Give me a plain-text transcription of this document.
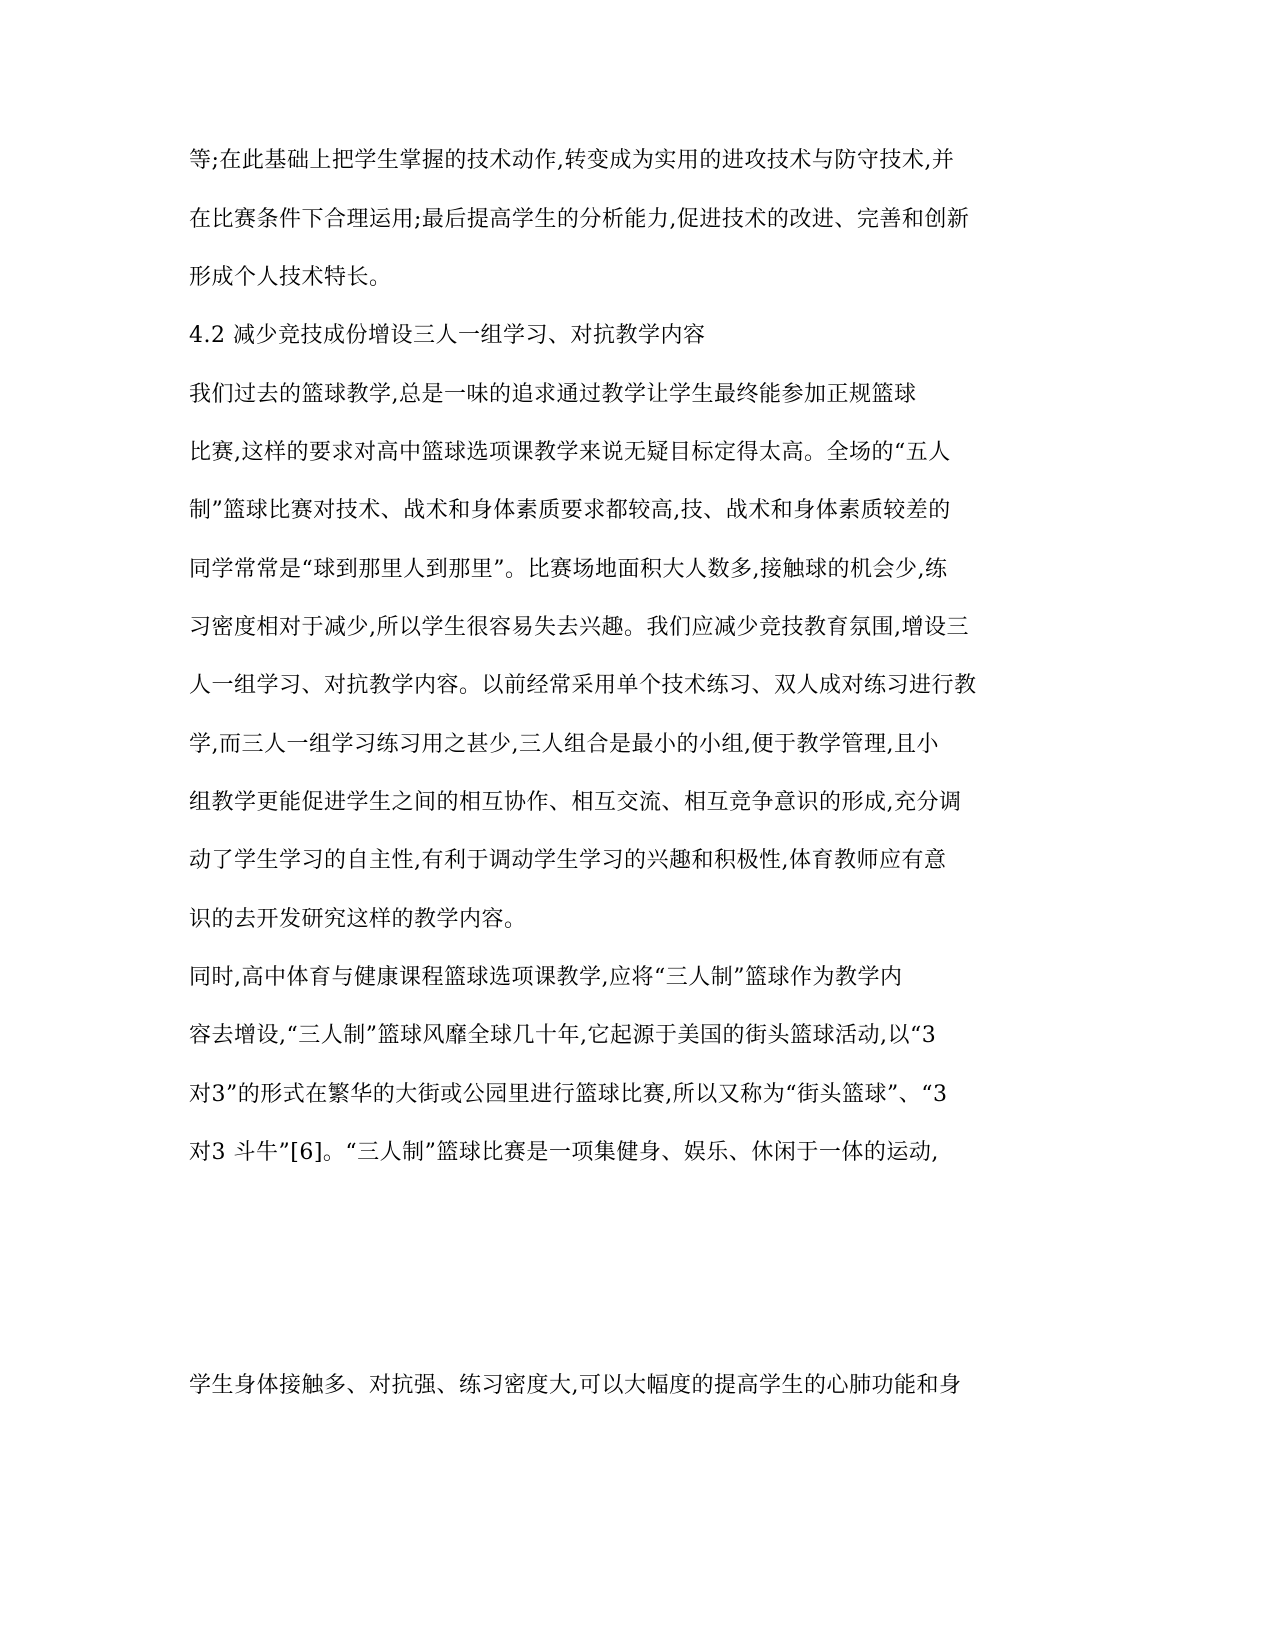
等;在此基础上把学生掌握的技术动作,转变成为实用的进攻技术与防守技术,并
在比赛条件下合理运用;最后提高学生的分析能力,促进技术的改进、完善和创新
形成个人技术特长。
4.2 减少竞技成份增设三人一组学习、对抗教学内容
我们过去的篮球教学,总是一味的追求通过教学让学生最终能参加正规篮球
比赛,这样的要求对高中篮球选项课教学来说无疑目标定得太高。全场的“五人
制”篮球比赛对技术、战术和身体素质要求都较高,技、战术和身体素质较差的
同学常常是“球到那里人到那里”。比赛场地面积大人数多,接触球的机会少,练
习密度相对于减少,所以学生很容易失去兴趣。我们应减少竞技教育氛围,增设三
人一组学习、对抗教学内容。以前经常采用单个技术练习、双人成对练习进行教
学,而三人一组学习练习用之甚少,三人组合是最小的小组,便于教学管理,且小
组教学更能促进学生之间的相互协作、相互交流、相互竞争意识的形成,充分调
动了学生学习的自主性,有利于调动学生学习的兴趣和积极性,体育教师应有意
识的去开发研究这样的教学内容。
同时,高中体育与健康课程篮球选项课教学,应将“三人制”篮球作为教学内
容去增设,“三人制”篮球风靡全球几十年,它起源于美国的街头篮球活动,以“3
对3”的形式在繁华的大街或公园里进行篮球比赛,所以又称为“街头篮球”、“3
对3 斗牛”[6]。“三人制”篮球比赛是一项集健身、娱乐、休闲于一体的运动,
学生身体接触多、对抗强、练习密度大,可以大幅度的提高学生的心肺功能和身
